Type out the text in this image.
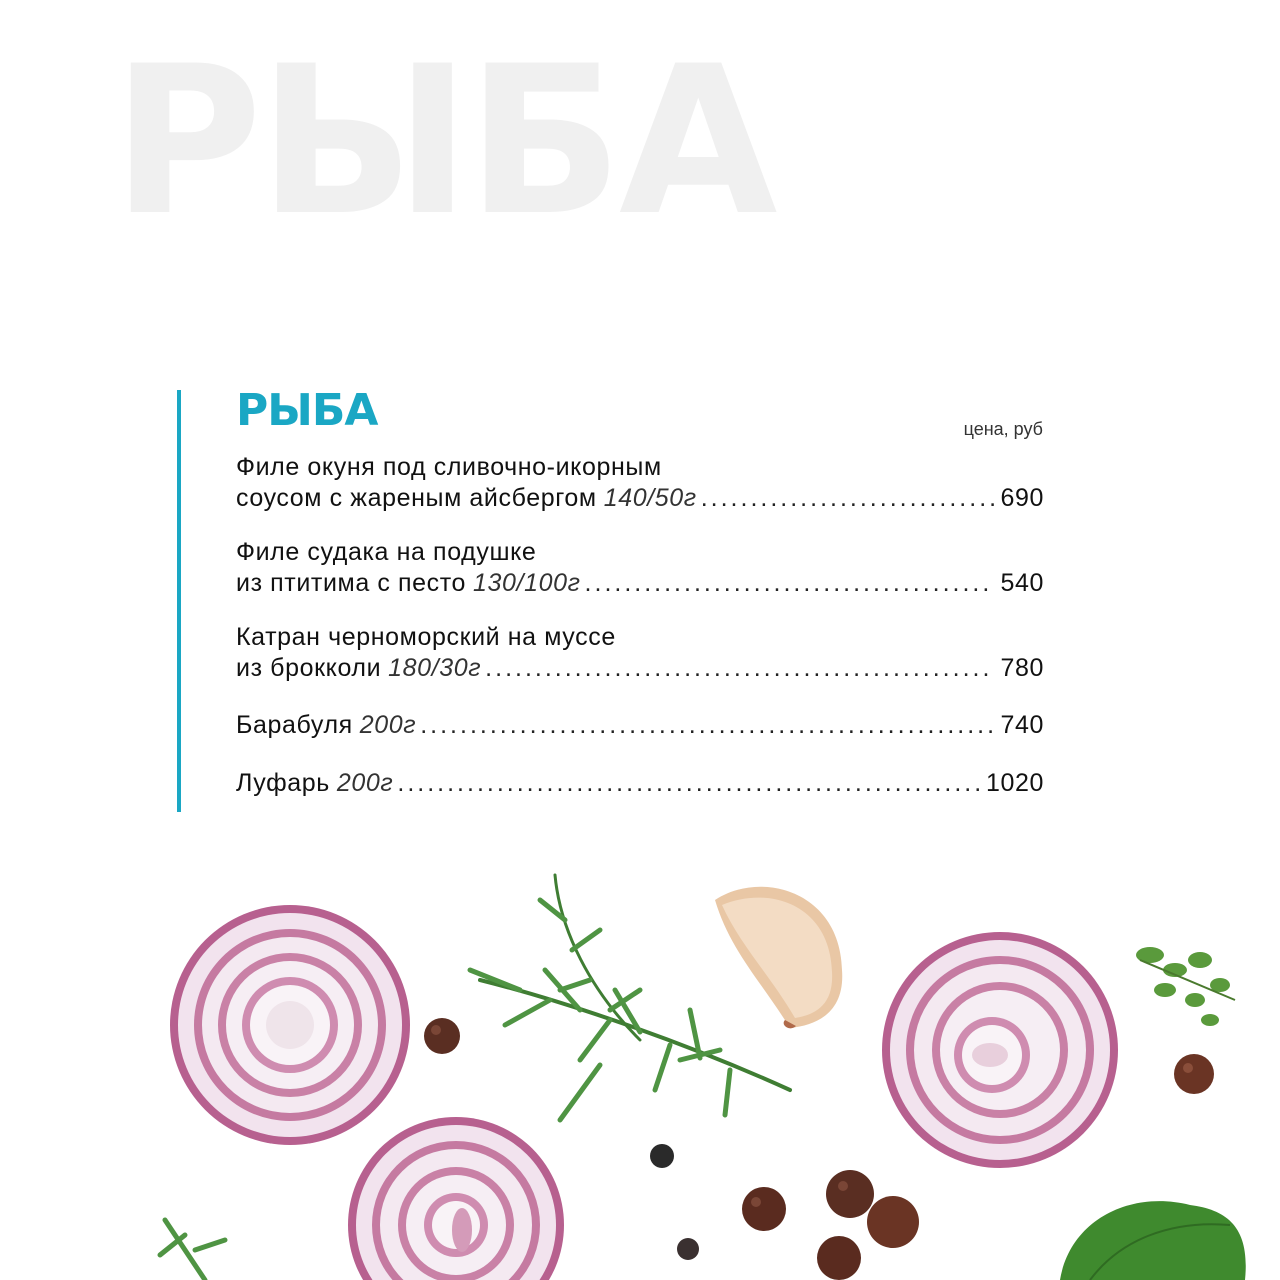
РЫБА
РЫБА	цена, руб
Филе окуня под сливочно-икорным
соусом с жареным айсбергом 140/50г .....	690
Филе судака на подушке
из птитима с песто 130/100г .....	540
Катран черноморский на муссе
из брокколи 180/30г .....	780
Барабуля 200г .....	740
Луфарь 200г .....	1020
